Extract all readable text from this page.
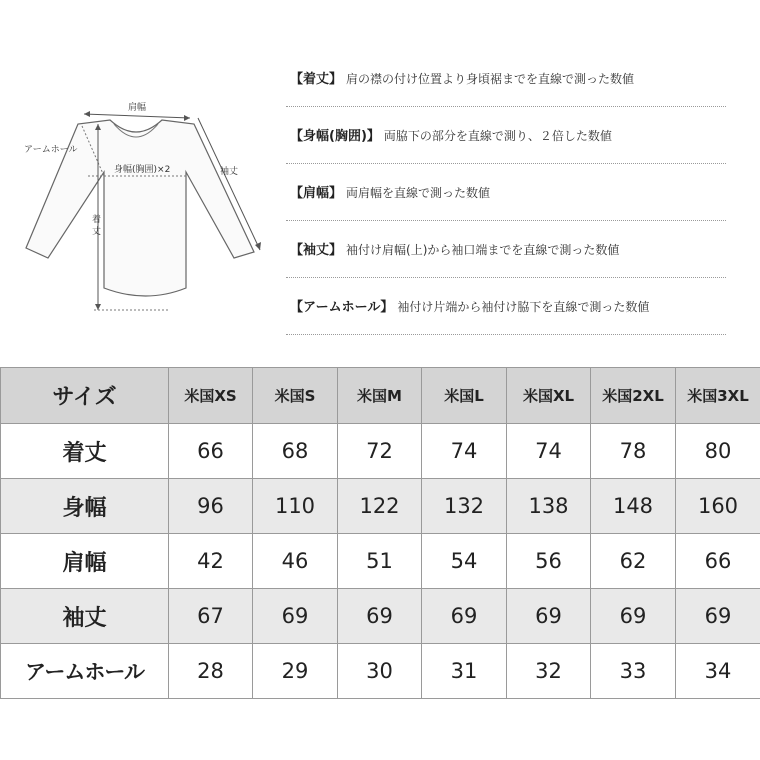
肩幅
アームホール
袖丈
身幅(胸囲)×2
着
丈
【着丈】 肩の襟の付け位置より身頃裾までを直線で測った数値
【身幅(胸囲)】 両脇下の部分を直線で測り、２倍した数値
【肩幅】 両肩幅を直線で測った数値
【袖丈】 袖付け肩幅(上)から袖口端までを直線で測った数値
【アームホール】 袖付け片端から袖付け脇下を直線で測った数値
サイズ	米国XS	米国S	米国M	米国L	米国XL	米国2XL	米国3XL
着丈	66	68	72	74	74	78	80
身幅	96	110	122	132	138	148	160
肩幅	42	46	51	54	56	62	66
袖丈	67	69	69	69	69	69	69
アームホール	28	29	30	31	32	33	34
